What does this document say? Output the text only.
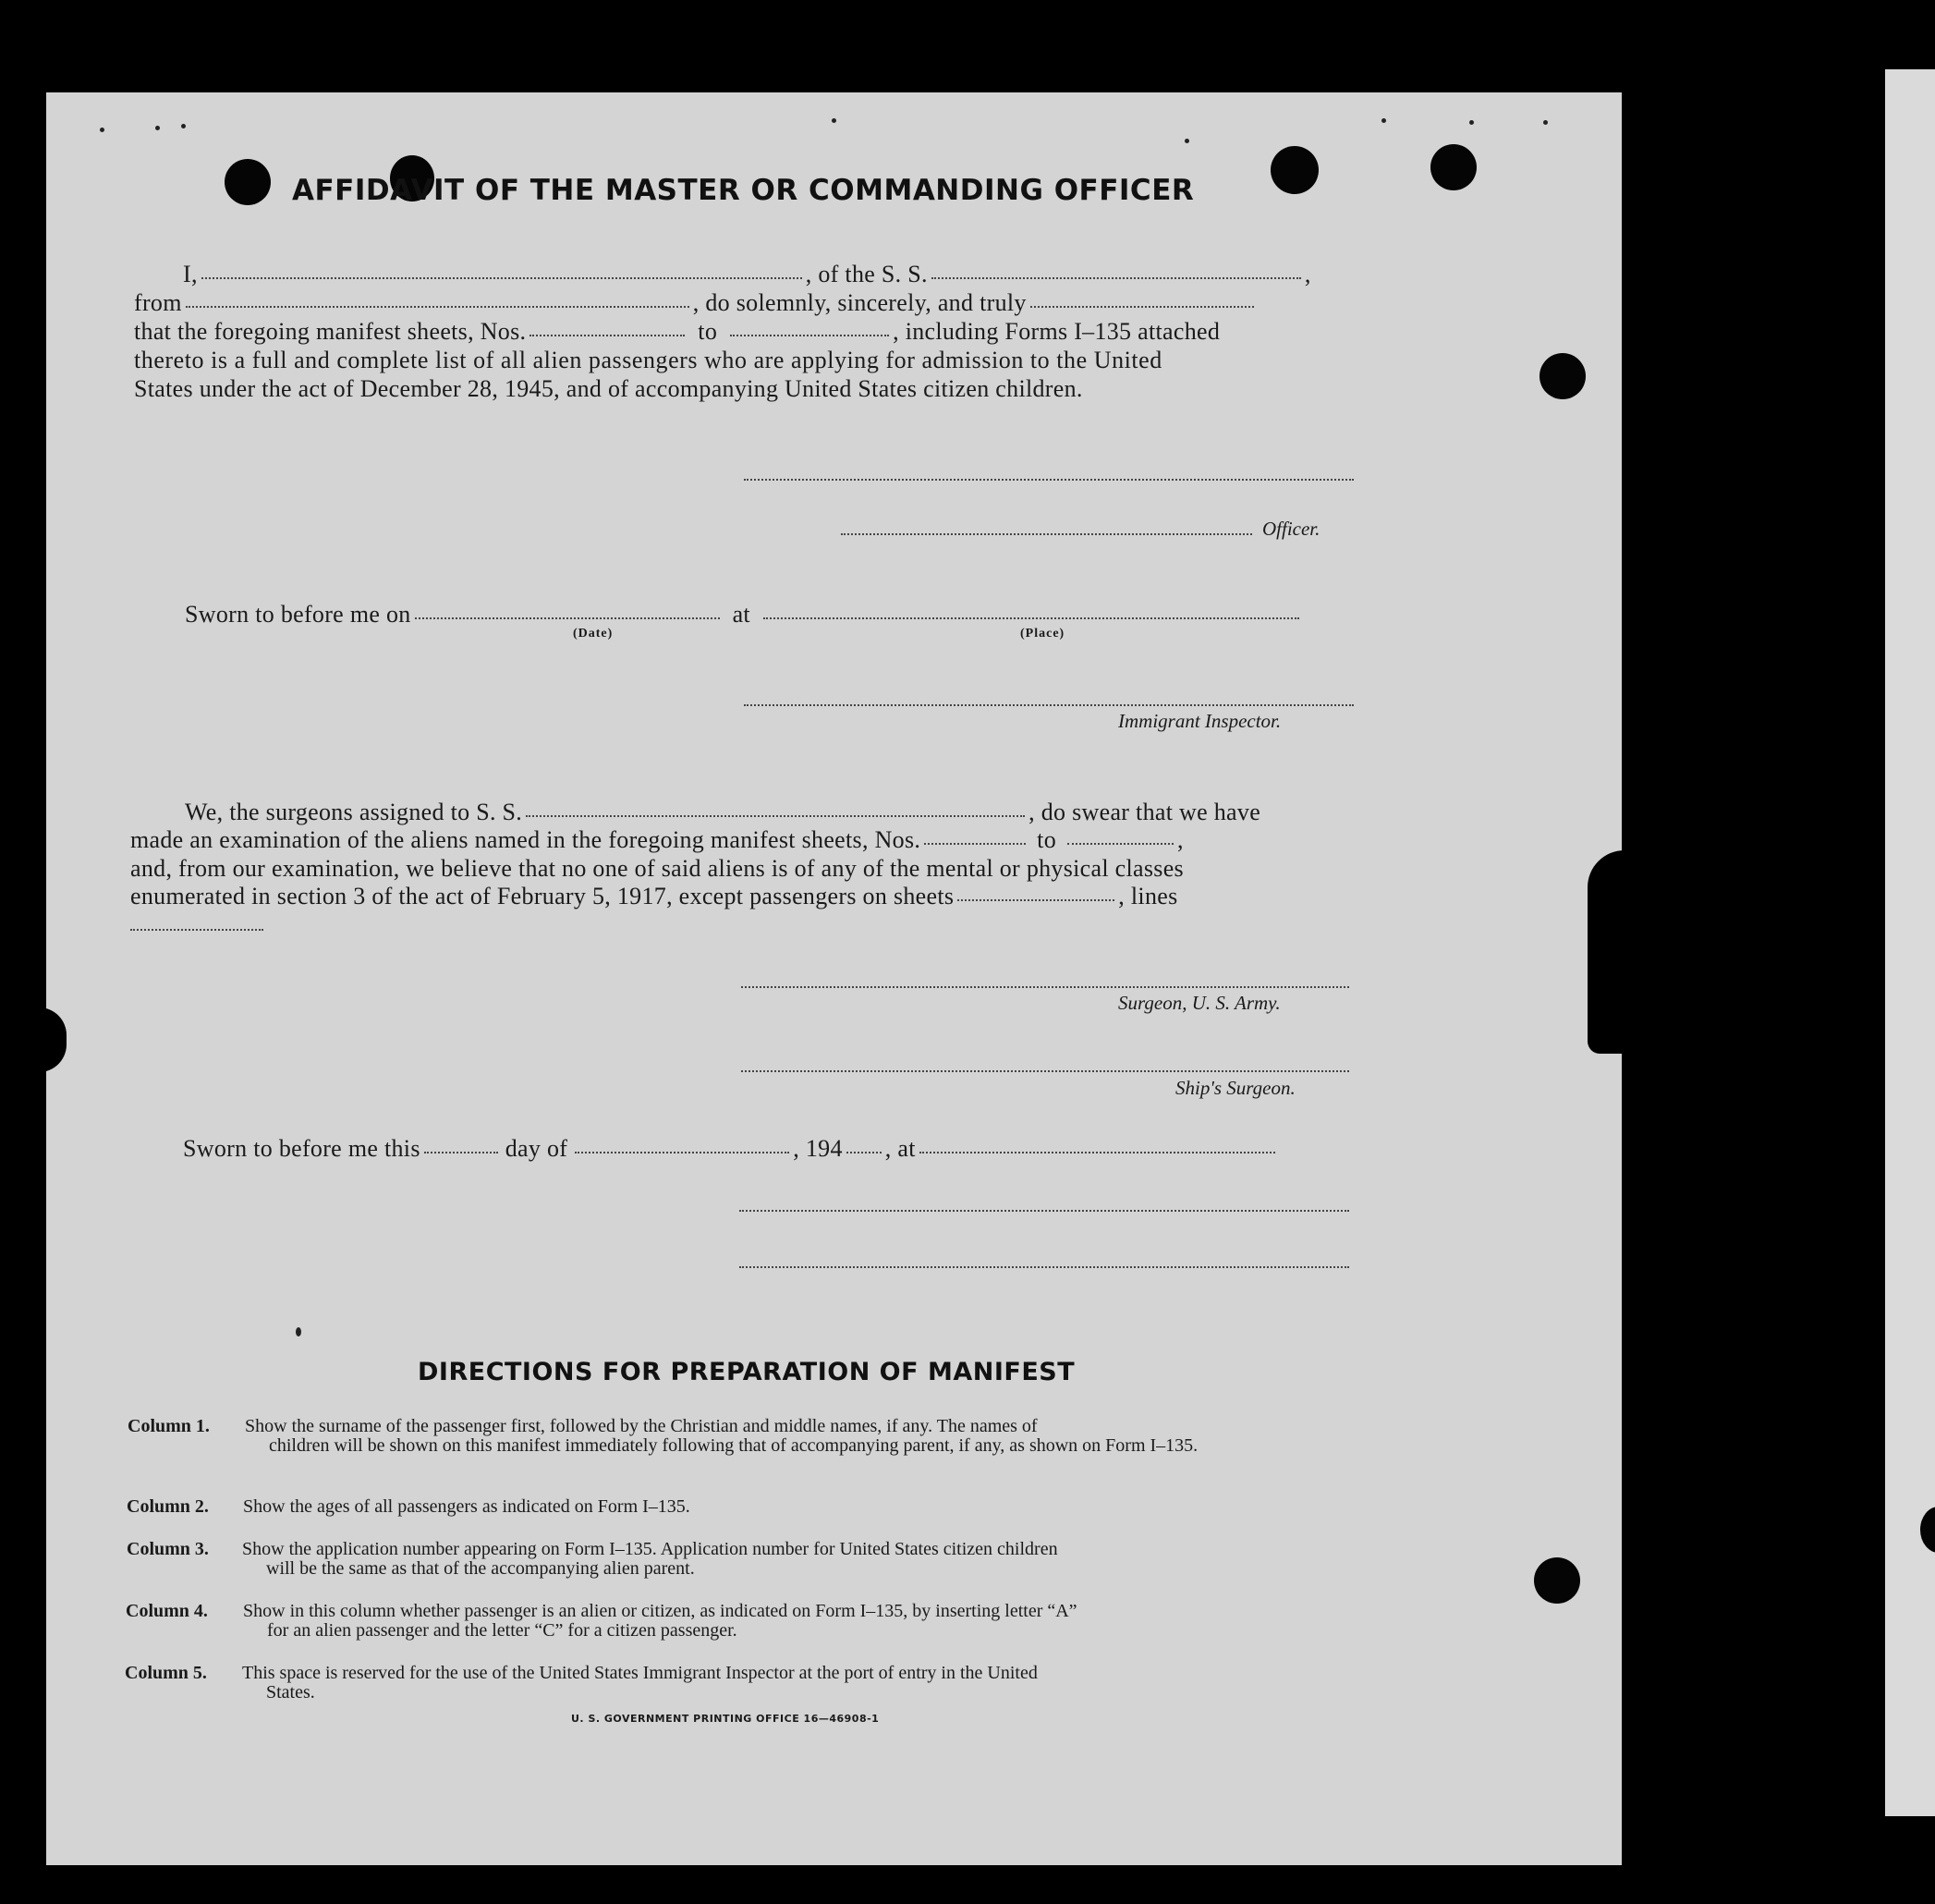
AFFIDAVIT OF THE MASTER OR COMMANDING OFFICER
I,	, of the S. S.	,
from	, do solemnly, sincerely, and truly
that the foregoing manifest sheets, Nos.	to	, including Forms I–135 attached
thereto is a full and complete list of all alien passengers who are applying for admission to the United
States under the act of December 28, 1945, and of accompanying United States citizen children.
Officer.
Sworn to before me on	at
(Date)	(Place)
Immigrant Inspector.
We, the surgeons assigned to S. S.	, do swear that we have
made an examination of the aliens named in the foregoing manifest sheets, Nos.	to	,
and, from our examination, we believe that no one of said aliens is of any of the mental or physical classes
enumerated in section 3 of the act of February 5, 1917, except passengers on sheets	, lines
Surgeon, U. S. Army.
Ship's Surgeon.
Sworn to before me this	day of	, 194 , at
DIRECTIONS FOR PREPARATION OF MANIFEST
Column 1. Show the surname of the passenger first, followed by the Christian and middle names, if any. The names of
children will be shown on this manifest immediately following that of accompanying parent, if any, as shown on Form I–135.
Column 2. Show the ages of all passengers as indicated on Form I–135.
Column 3. Show the application number appearing on Form I–135. Application number for United States citizen children
will be the same as that of the accompanying alien parent.
Column 4. Show in this column whether passenger is an alien or citizen, as indicated on Form I–135, by inserting letter “A”
for an alien passenger and the letter “C” for a citizen passenger.
Column 5. This space is reserved for the use of the United States Immigrant Inspector at the port of entry in the United
States.
U. S. GOVERNMENT PRINTING OFFICE 16—46908-1
